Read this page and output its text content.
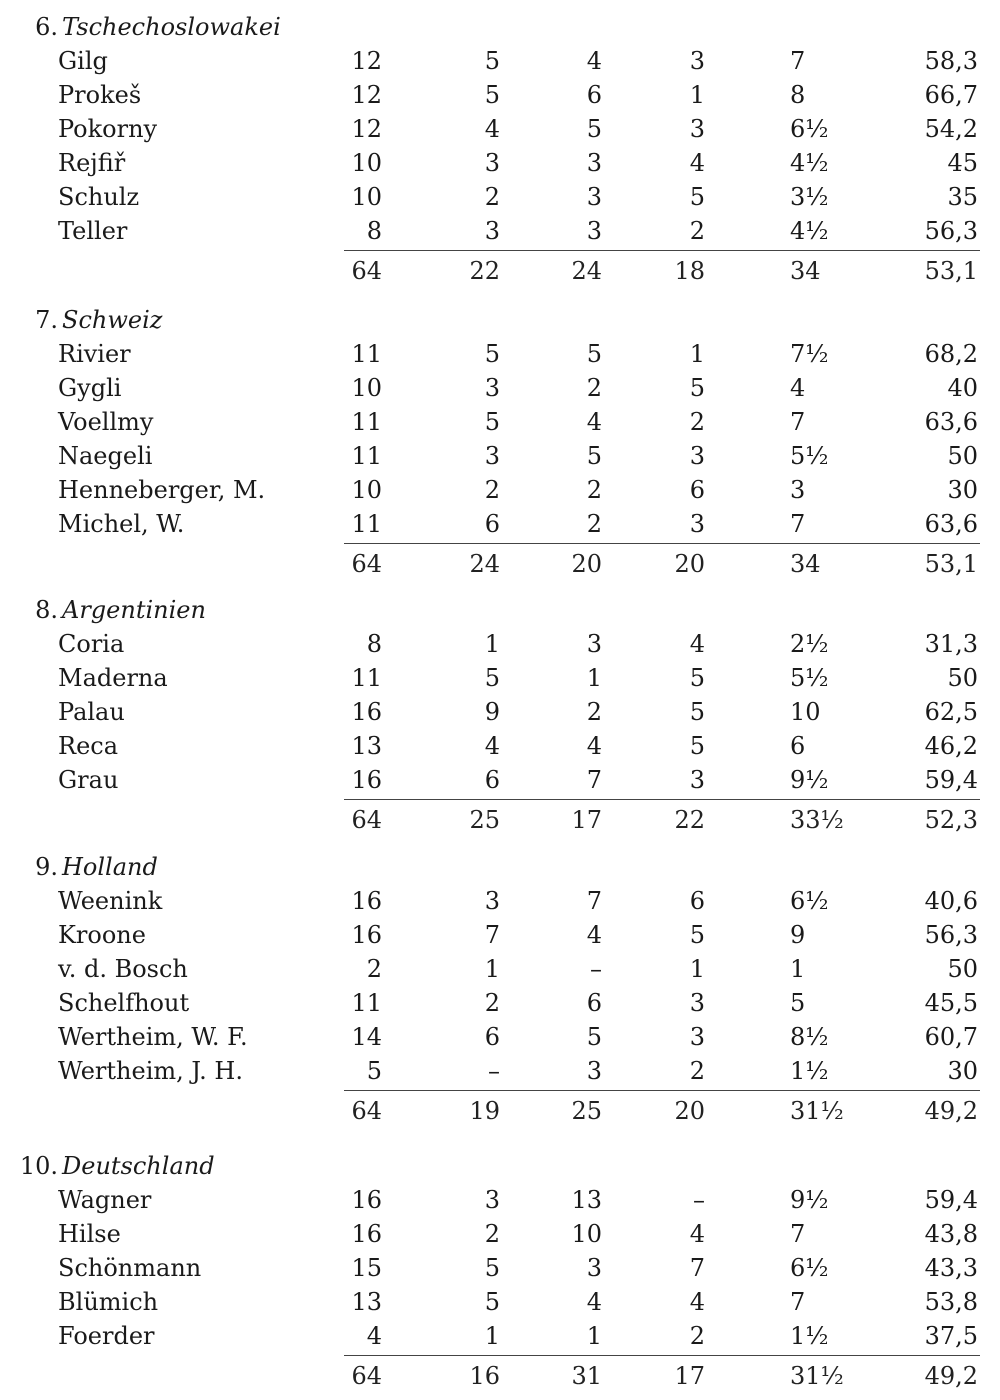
6. Tschechoslowakei
Gilg	12	5	4	3	7	58,3
Prokeš	12	5	6	1	8	66,7
Pokorny	12	4	5	3	6½	54,2
Rejfiř	10	3	3	4	4½	45
Schulz	10	2	3	5	3½	35
Teller	8	3	3	2	4½	56,3
64	22	24	18	34	53,1
7. Schweiz
Rivier	11	5	5	1	7½	68,2
Gygli	10	3	2	5	4	40
Voellmy	11	5	4	2	7	63,6
Naegeli	11	3	5	3	5½	50
Henneberger, M.	10	2	2	6	3	30
Michel, W.	11	6	2	3	7	63,6
64	24	20	20	34	53,1
8. Argentinien
Coria	8	1	3	4	2½	31,3
Maderna	11	5	1	5	5½	50
Palau	16	9	2	5	10	62,5
Reca	13	4	4	5	6	46,2
Grau	16	6	7	3	9½	59,4
64	25	17	22	33½	52,3
9. Holland
Weenink	16	3	7	6	6½	40,6
Kroone	16	7	4	5	9	56,3
v. d. Bosch	2	1	–	1	1	50
Schelfhout	11	2	6	3	5	45,5
Wertheim, W. F.	14	6	5	3	8½	60,7
Wertheim, J. H.	5	–	3	2	1½	30
64	19	25	20	31½	49,2
10. Deutschland
Wagner	16	3	13	–	9½	59,4
Hilse	16	2	10	4	7	43,8
Schönmann	15	5	3	7	6½	43,3
Blümich	13	5	4	4	7	53,8
Foerder	4	1	1	2	1½	37,5
64	16	31	17	31½	49,2
